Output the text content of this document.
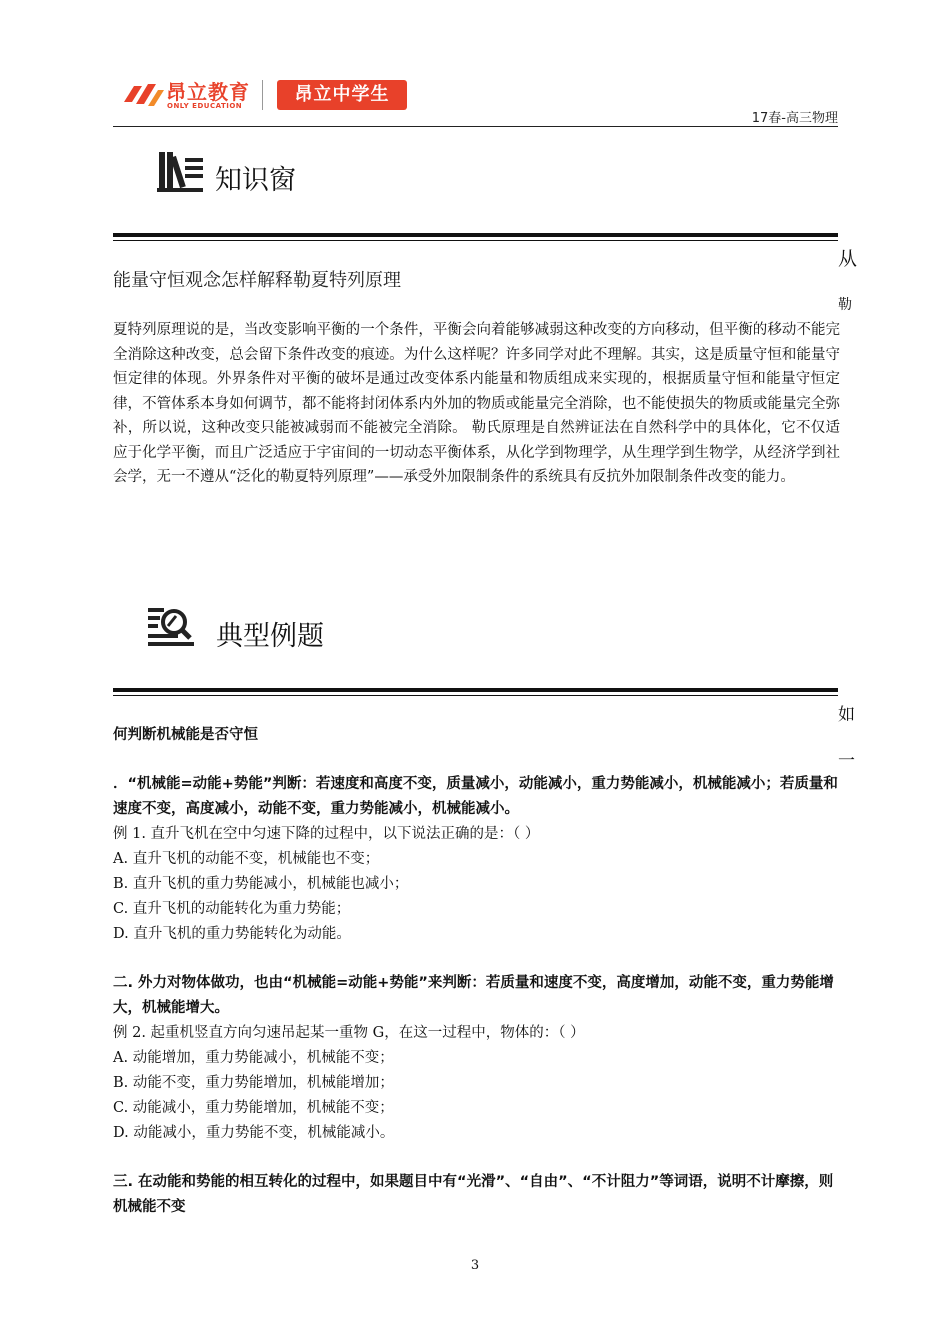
昂立教育
ONLY EDUCATION
昂立中学生
17春-高三物理
知识窗
从
勒
能量守恒观念怎样解释勒夏特列原理
夏特列原理说的是，当改变影响平衡的一个条件，平衡会向着能够减弱这种改变的方向移动，但平衡的移动不能完全消除这种改变，总会留下条件改变的痕迹。为什么这样呢？许多同学对此不理解。其实，这是质量守恒和能量守恒定律的体现。外界条件对平衡的破坏是通过改变体系内能量和物质组成来实现的，根据质量守恒和能量守恒定律，不管体系本身如何调节，都不能将封闭体系内外加的物质或能量完全消除，也不能使损失的物质或能量完全弥补，所以说，这种改变只能被减弱而不能被完全消除。 勒氏原理是自然辨证法在自然科学中的具体化，它不仅适应于化学平衡，而且广泛适应于宇宙间的一切动态平衡体系，从化学到物理学，从生理学到生物学，从经济学到社会学，无一不遵从“泛化的勒夏特列原理”——承受外加限制条件的系统具有反抗外加限制条件改变的能力。
典型例题
如
一
何判断机械能是否守恒
．“机械能=动能+势能”判断：若速度和高度不变，质量减小，动能减小，重力势能减小，机械能减小；若质量和速度不变，高度减小，动能不变，重力势能减小，机械能减小。
例 1. 直升飞机在空中匀速下降的过程中，以下说法正确的是：（ ）
A. 直升飞机的动能不变，机械能也不变；
B. 直升飞机的重力势能减小，机械能也减小；
C. 直升飞机的动能转化为重力势能；
D. 直升飞机的重力势能转化为动能。
二. 外力对物体做功，也由“机械能=动能+势能”来判断：若质量和速度不变，高度增加，动能不变，重力势能增大，机械能增大。
例 2. 起重机竖直方向匀速吊起某一重物 G，在这一过程中，物体的：（ ）
A. 动能增加，重力势能减小，机械能不变；
B. 动能不变，重力势能增加，机械能增加；
C. 动能减小，重力势能增加，机械能不变；
D. 动能减小，重力势能不变，机械能减小。
三. 在动能和势能的相互转化的过程中，如果题目中有“光滑”、“自由”、“不计阻力”等词语，说明不计摩擦，则机械能不变
3
